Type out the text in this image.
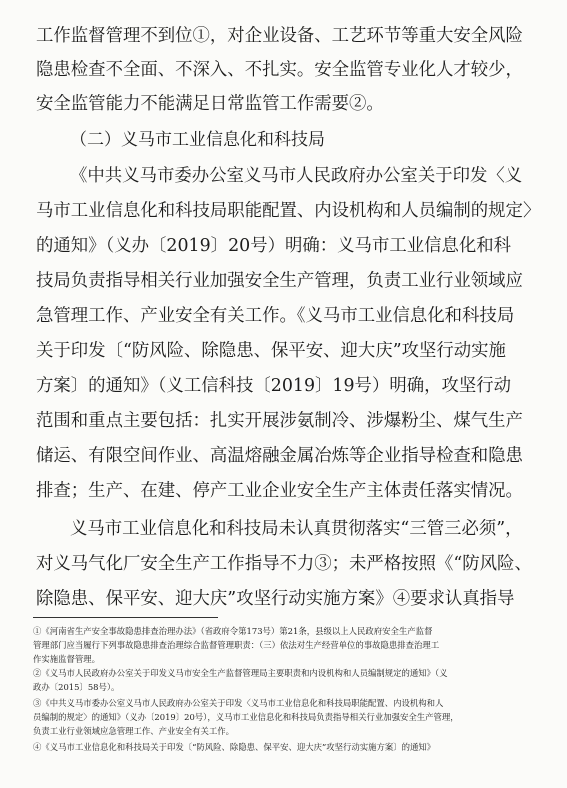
工作监督管理不到位①，对企业设备、工艺环节等重大安全风险
隐患检查不全面、不深入、不扎实。安全监管专业化人才较少，
安全监管能力不能满足日常监管工作需要②。
（二）义马市工业信息化和科技局
《中共义马市委办公室义马市人民政府办公室关于印发〈义
马市工业信息化和科技局职能配置、内设机构和人员编制的规定〉
的通知》（义办〔2019〕20号）明确：义马市工业信息化和科
技局负责指导相关行业加强安全生产管理，负责工业行业领域应
急管理工作、产业安全有关工作。《义马市工业信息化和科技局
关于印发〔“防风险、除隐患、保平安、迎大庆”攻坚行动实施
方案〕的通知》（义工信科技〔2019〕19号）明确，攻坚行动
范围和重点主要包括：扎实开展涉氨制冷、涉爆粉尘、煤气生产
储运、有限空间作业、高温熔融金属冶炼等企业指导检查和隐患
排查；生产、在建、停产工业企业安全生产主体责任落实情况。
义马市工业信息化和科技局未认真贯彻落实“三管三必须”，
对义马气化厂安全生产工作指导不力③；未严格按照《“防风险、
除隐患、保平安、迎大庆”攻坚行动实施方案》④要求认真指导
①《河南省生产安全事故隐患排查治理办法》（省政府令第173号）第21条，县级以上人民政府安全生产监督
管理部门应当履行下列事故隐患排查治理综合监督管理职责：（三）依法对生产经营单位的事故隐患排查治理工
作实施监督管理。
②《义马市人民政府办公室关于印发义马市安全生产监督管理局主要职责和内设机构和人员编制规定的通知》（义
政办〔2015〕58号）。
③《中共义马市委办公室义马市人民政府办公室关于印发〈义马市工业信息化和科技局职能配置、内设机构和人
员编制的规定〉的通知》（义办〔2019〕20号），义马市工业信息化和科技局负责指导相关行业加强安全生产管理，
负责工业行业领域应急管理工作、产业安全有关工作。
④《义马市工业信息化和科技局关于印发〔“防风险、除隐患、保平安、迎大庆”攻坚行动实施方案〕的通知》
